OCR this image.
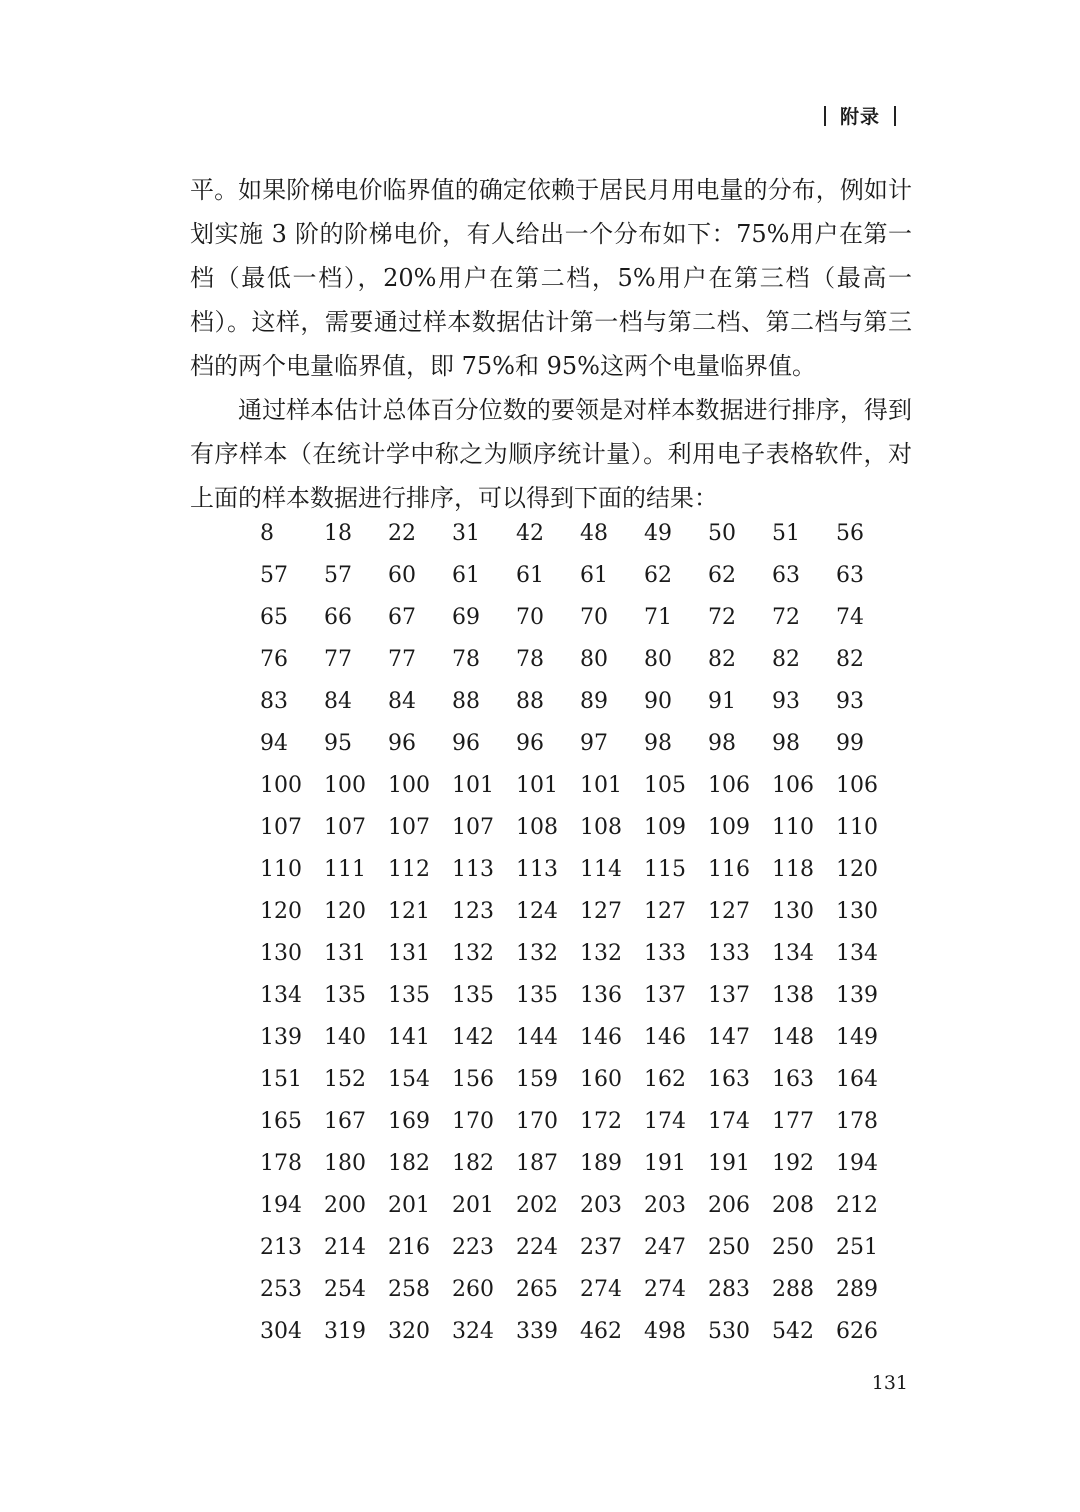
附录

平。如果阶梯电价临界值的确定依赖于居民月用电量的分布，例如计划实施 3 阶的阶梯电价，有人给出一个分布如下：75%用户在第一档（最低一档），20%用户在第二档，5%用户在第三档（最高一档）。这样，需要通过样本数据估计第一档与第二档、第二档与第三档的两个电量临界值，即 75%和 95%这两个电量临界值。

通过样本估计总体百分位数的要领是对样本数据进行排序，得到有序样本（在统计学中称之为顺序统计量）。利用电子表格软件，对上面的样本数据进行排序，可以得到下面的结果：

8	18	22	31	42	48	49	50	51	56
57	57	60	61	61	61	62	62	63	63
65	66	67	69	70	70	71	72	72	74
76	77	77	78	78	80	80	82	82	82
83	84	84	88	88	89	90	91	93	93
94	95	96	96	96	97	98	98	98	99
100	100	100	101	101	101	105	106	106	106
107	107	107	107	108	108	109	109	110	110
110	111	112	113	113	114	115	116	118	120
120	120	121	123	124	127	127	127	130	130
130	131	131	132	132	132	133	133	134	134
134	135	135	135	135	136	137	137	138	139
139	140	141	142	144	146	146	147	148	149
151	152	154	156	159	160	162	163	163	164
165	167	169	170	170	172	174	174	177	178
178	180	182	182	187	189	191	191	192	194
194	200	201	201	202	203	203	206	208	212
213	214	216	223	224	237	247	250	250	251
253	254	258	260	265	274	274	283	288	289
304	319	320	324	339	462	498	530	542	626
131
